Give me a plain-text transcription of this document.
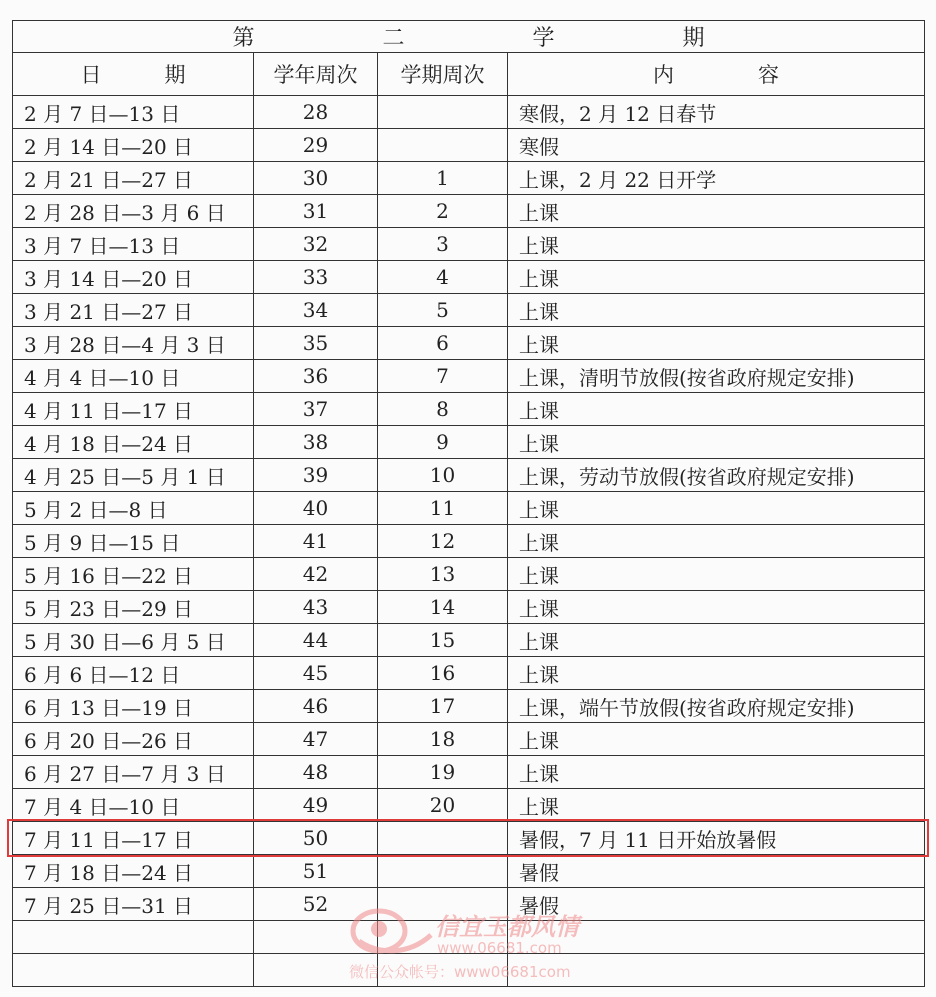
第 二 学 期			
日　　　期	学年周次	学期周次	内　　　　容
2 月 7 日—13 日	28		寒假，2 月 12 日春节
2 月 14 日—20 日	29		寒假
2 月 21 日—27 日	30	1	上课，2 月 22 日开学
2 月 28 日—3 月 6 日	31	2	上课
3 月 7 日—13 日	32	3	上课
3 月 14 日—20 日	33	4	上课
3 月 21 日—27 日	34	5	上课
3 月 28 日—4 月 3 日	35	6	上课
4 月 4 日—10 日	36	7	上课，清明节放假(按省政府规定安排)
4 月 11 日—17 日	37	8	上课
4 月 18 日—24 日	38	9	上课
4 月 25 日—5 月 1 日	39	10	上课，劳动节放假(按省政府规定安排)
5 月 2 日—8 日	40	11	上课
5 月 9 日—15 日	41	12	上课
5 月 16 日—22 日	42	13	上课
5 月 23 日—29 日	43	14	上课
5 月 30 日—6 月 5 日	44	15	上课
6 月 6 日—12 日	45	16	上课
6 月 13 日—19 日	46	17	上课，端午节放假(按省政府规定安排)
6 月 20 日—26 日	47	18	上课
6 月 27 日—7 月 3 日	48	19	上课
7 月 4 日—10 日	49	20	上课
7 月 11 日—17 日	50		暑假，7 月 11 日开始放暑假
7 月 18 日—24 日	51		暑假
7 月 25 日—31 日	52		暑假

信宜玉都风情
www.06681.com
微信公众帐号：www06681com
